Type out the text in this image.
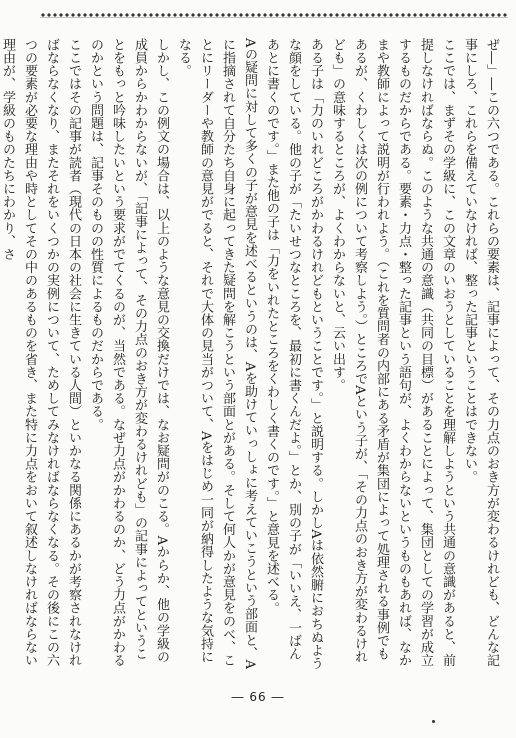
ぜ―」―この六つである。これらの要素は、記事によって、その力点のおき方が変わるけれども、どんな記事にしろ、これらを備えていなければ、整った記事ということはできない。

ここでは、まずその学級に、この文章のいおうとしていることを理解しようという共通の意識があると、前提しなければならぬ。このような共通の意識（共同の目標）があることによって、集団としての学習が成立するものだからである。要素・力点・整った記事という語句が、よくわからないというものもあれば、なかまや教師によって説明が行われよう。（これを質問者の内部にある矛盾が集団によって処理される事例でもあるが、くわしくは次の例について考察しよう。）ところでAという子が、「その力点のおき方が変わるけれども」の意味するところが、よくわからないと、云い出す。

ある子は「力のいれどころがかわるけれどもということです。」と説明する。しかしAは依然腑におちぬような顔をしている。他の子が「たいせつなところを、最初に書くんだよ。」とか、別の子が「いいえ、一ばんあとに書くのです。」また他の子は「力をいれたところをくわしく書くのです。」と意見を述べる。

Aの疑問に対して多くの子が意見を述べるというのは、Aを助けていっしょに考えていこうという部面と、Aに指摘されて自分たち自身に起ってきた疑問を解こうという部面とがある。そして何人かが意見をのべ、ことにリーダーや教師の意見がでると、それで大体の見当がついて、Aをはじめ一同が納得したような気持になる。

しかし、この例文の場合は、以上のような意見の交換だけでは、なお疑問がのこる。Aからか、他の学級の成員からかわからないが、「記事によって、その力点のおき方が変わるけれども」の記事によってということをもっと吟味したいという要求がでてくるのが、当然である。なぜ力点がかわるのか、どう力点がかわるのかという問題は、記事そのものの性質によるものだからである。

ここではその記事が読者（現代の日本の社会に生きている人間）といかなる関係にあるかが考察されなければならなくなり、またそれをいくつかの実例について、ためしてみなければならなくなる。その後にこの六つの要素が必要な理由や時としてその中のあるものを省き、また特に力点をおいて叙述しなければならない理由が、学級のものたちにわかり、さ

― 66 ―
